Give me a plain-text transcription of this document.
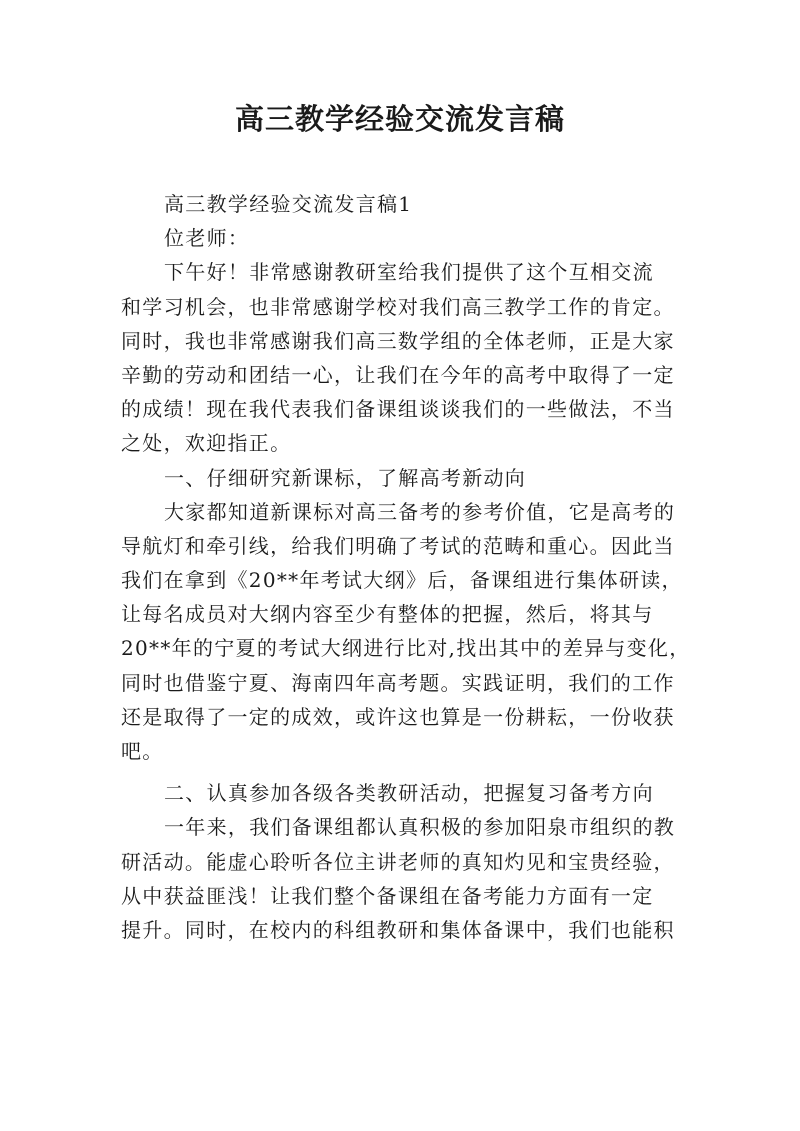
高三教学经验交流发言稿

高三教学经验交流发言稿1

位老师：

下午好！非常感谢教研室给我们提供了这个互相交流

和学习机会，也非常感谢学校对我们高三教学工作的肯定。

同时，我也非常感谢我们高三数学组的全体老师，正是大家

辛勤的劳动和团结一心，让我们在今年的高考中取得了一定

的成绩！现在我代表我们备课组谈谈我们的一些做法，不当

之处，欢迎指正。

一、仔细研究新课标，了解高考新动向

大家都知道新课标对高三备考的参考价值，它是高考的

导航灯和牵引线，给我们明确了考试的范畴和重心。因此当

我们在拿到《20**年考试大纲》后，备课组进行集体研读，

让每名成员对大纲内容至少有整体的把握，然后，将其与

20**年的宁夏的考试大纲进行比对,找出其中的差异与变化，

同时也借鉴宁夏、海南四年高考题。实践证明，我们的工作

还是取得了一定的成效，或许这也算是一份耕耘，一份收获

吧。

二、认真参加各级各类教研活动，把握复习备考方向

一年来，我们备课组都认真积极的参加阳泉市组织的教

研活动。能虚心聆听各位主讲老师的真知灼见和宝贵经验，

从中获益匪浅！让我们整个备课组在备考能力方面有一定

提升。同时，在校内的科组教研和集体备课中，我们也能积
